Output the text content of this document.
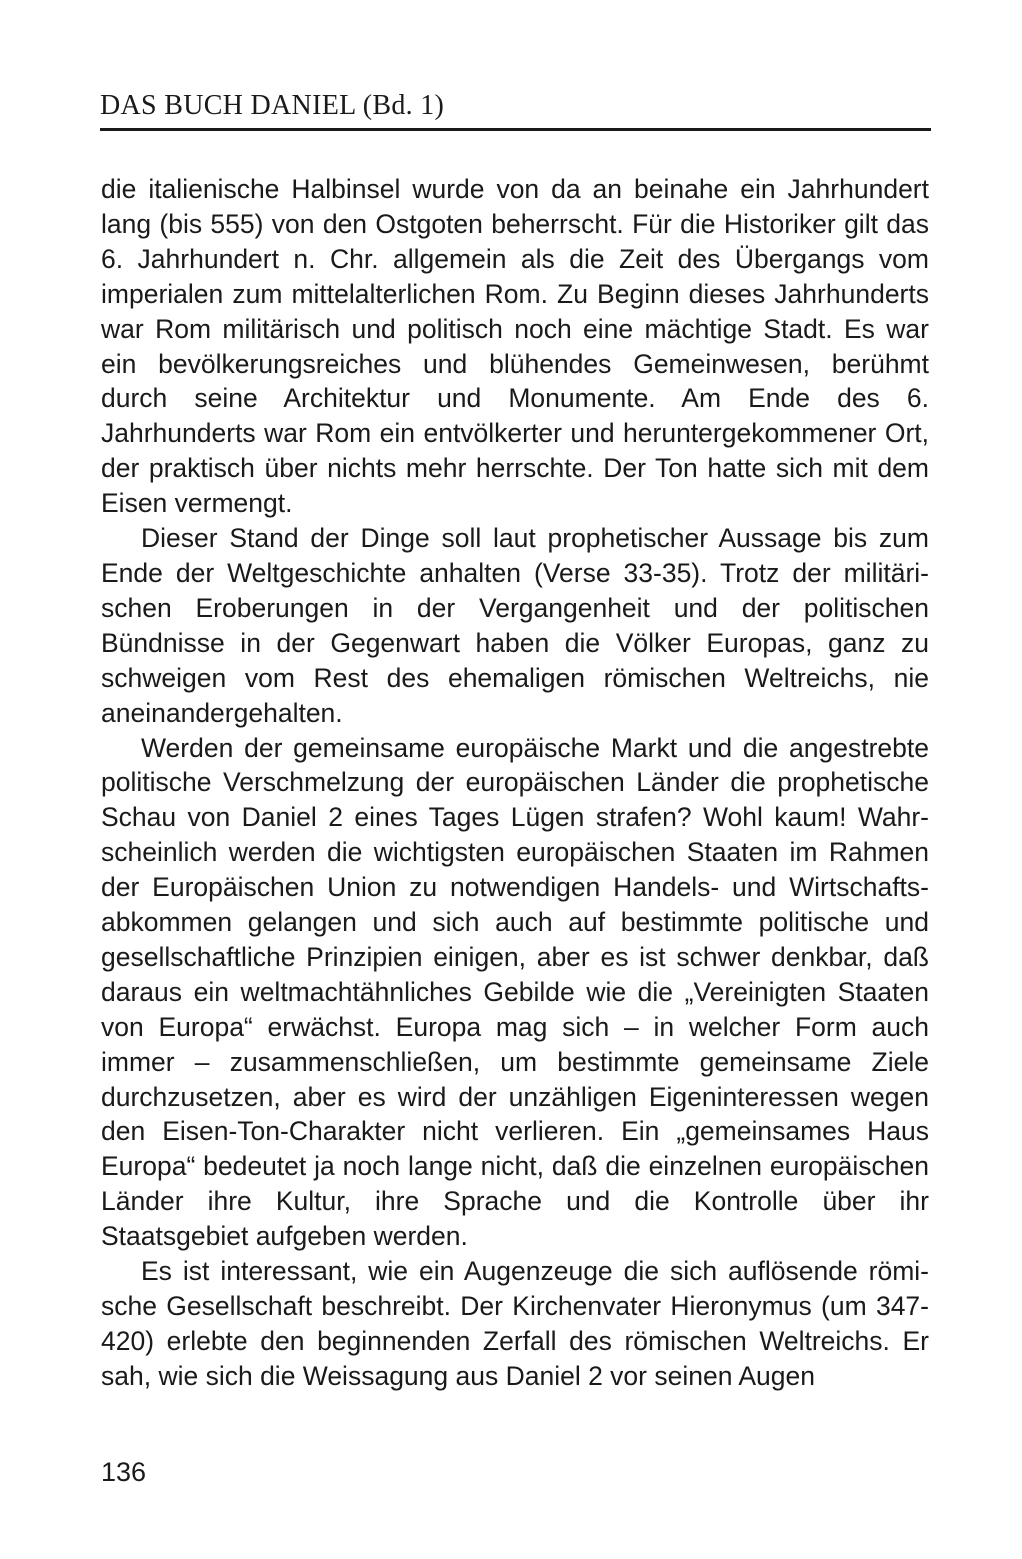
DAS BUCH DANIEL (Bd. 1)

die italienische Halbinsel wurde von da an beinahe ein Jahrhundert lang (bis 555) von den Ostgoten beherrscht. Für die Historiker gilt das 6. Jahrhundert n. Chr. allgemein als die Zeit des Übergangs vom imperialen zum mittelalterlichen Rom. Zu Beginn dieses Jahrhunderts war Rom militärisch und politisch noch eine mächtige Stadt. Es war ein bevölkerungsreiches und blühendes Gemeinwesen, berühmt durch seine Architektur und Monumente. Am Ende des 6. Jahrhunderts war Rom ein entvölkerter und heruntergekommener Ort, der praktisch über nichts mehr herrschte. Der Ton hatte sich mit dem Eisen vermengt.

Dieser Stand der Dinge soll laut prophetischer Aussage bis zum Ende der Weltgeschichte anhalten (Verse 33-35). Trotz der militärischen Eroberungen in der Vergangenheit und der politischen Bündnisse in der Gegenwart haben die Völker Europas, ganz zu schweigen vom Rest des ehemaligen römischen Weltreichs, nie aneinandergehalten.

Werden der gemeinsame europäische Markt und die angestrebte politische Verschmelzung der europäischen Länder die prophetische Schau von Daniel 2 eines Tages Lügen strafen? Wohl kaum! Wahrscheinlich werden die wichtigsten europäischen Staaten im Rahmen der Europäischen Union zu notwendigen Handels- und Wirtschaftsabkommen gelangen und sich auch auf bestimmte politische und gesellschaftliche Prinzipien einigen, aber es ist schwer denkbar, daß daraus ein weltmachtähnliches Gebilde wie die „Vereinigten Staaten von Europa“ erwächst. Europa mag sich – in welcher Form auch immer – zusammenschließen, um bestimmte gemeinsame Ziele durchzusetzen, aber es wird der unzähligen Eigeninteressen wegen den Eisen-Ton-Charakter nicht verlieren. Ein „gemeinsames Haus Europa“ bedeutet ja noch lange nicht, daß die einzelnen europäischen Länder ihre Kultur, ihre Sprache und die Kontrolle über ihr Staatsgebiet aufgeben werden.

Es ist interessant, wie ein Augenzeuge die sich auflösende römische Gesellschaft beschreibt. Der Kirchenvater Hieronymus (um 347-420) erlebte den beginnenden Zerfall des römischen Weltreichs. Er sah, wie sich die Weissagung aus Daniel 2 vor seinen Augen

136
